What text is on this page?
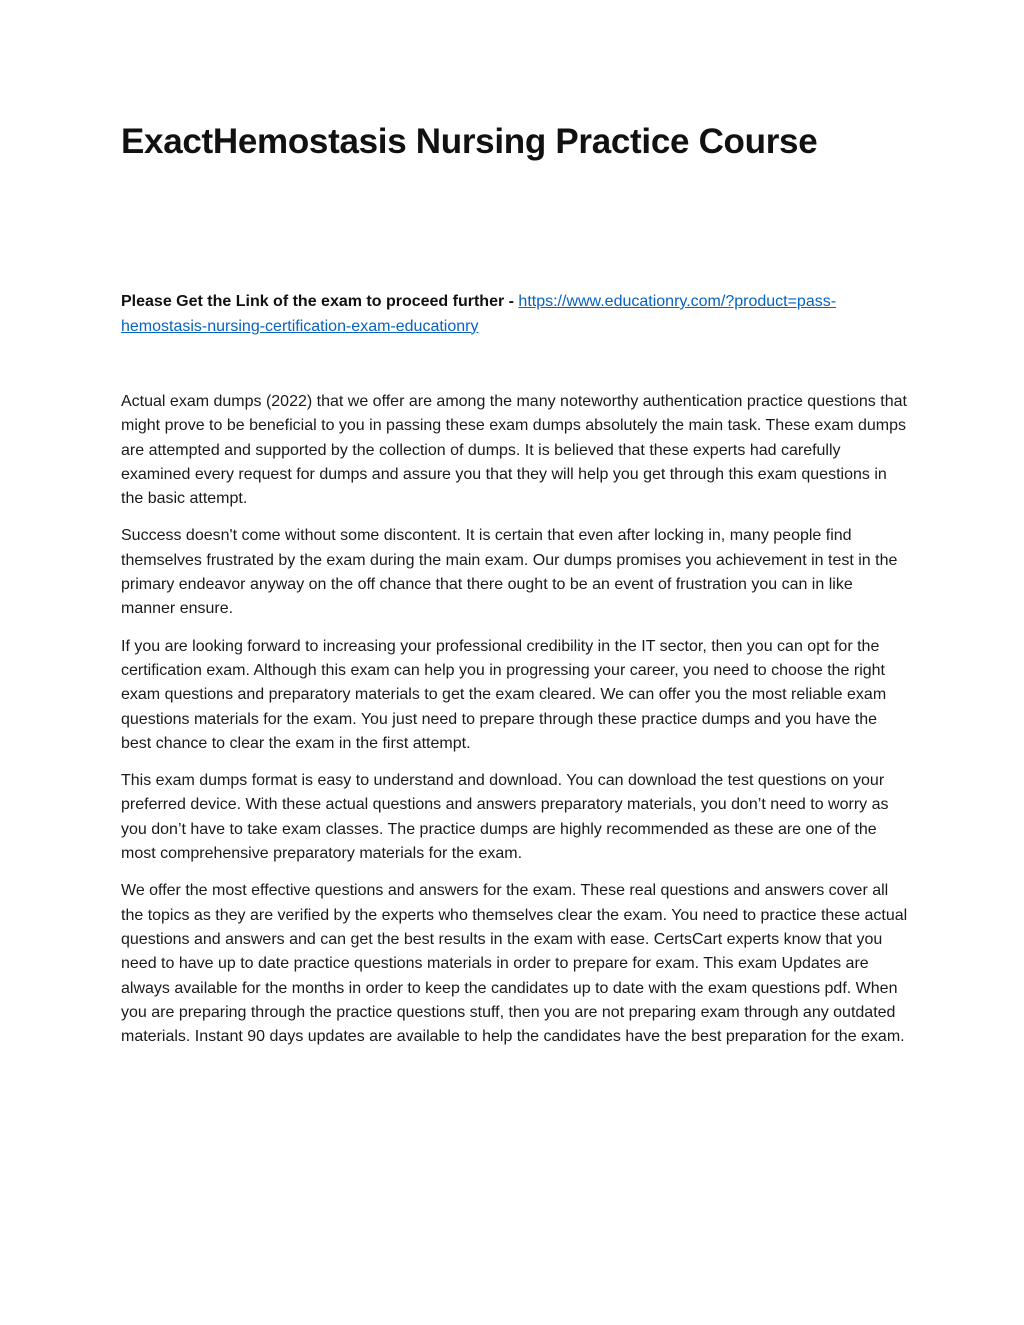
ExactHemostasis Nursing Practice Course

Please Get the Link of the exam to proceed further - https://www.educationry.com/?product=pass-hemostasis-nursing-certification-exam-educationry

Actual exam dumps (2022) that we offer are among the many noteworthy authentication practice questions that might prove to be beneficial to you in passing these exam dumps absolutely the main task. These exam dumps are attempted and supported by the collection of dumps. It is believed that these experts had carefully examined every request for dumps and assure you that they will help you get through this exam questions in the basic attempt.

Success doesn't come without some discontent. It is certain that even after locking in, many people find themselves frustrated by the exam during the main exam. Our dumps promises you achievement in test in the primary endeavor anyway on the off chance that there ought to be an event of frustration you can in like manner ensure.

If you are looking forward to increasing your professional credibility in the IT sector, then you can opt for the certification exam. Although this exam can help you in progressing your career, you need to choose the right exam questions and preparatory materials to get the exam cleared. We can offer you the most reliable exam questions materials for the exam. You just need to prepare through these practice dumps and you have the best chance to clear the exam in the first attempt.

This exam dumps format is easy to understand and download. You can download the test questions on your preferred device. With these actual questions and answers preparatory materials, you don’t need to worry as you don’t have to take exam classes. The practice dumps are highly recommended as these are one of the most comprehensive preparatory materials for the exam.

We offer the most effective questions and answers for the exam. These real questions and answers cover all the topics as they are verified by the experts who themselves clear the exam. You need to practice these actual questions and answers and can get the best results in the exam with ease. CertsCart experts know that you need to have up to date practice questions materials in order to prepare for exam. This exam Updates are always available for the months in order to keep the candidates up to date with the exam questions pdf. When you are preparing through the practice questions stuff, then you are not preparing exam through any outdated materials. Instant 90 days updates are available to help the candidates have the best preparation for the exam.
